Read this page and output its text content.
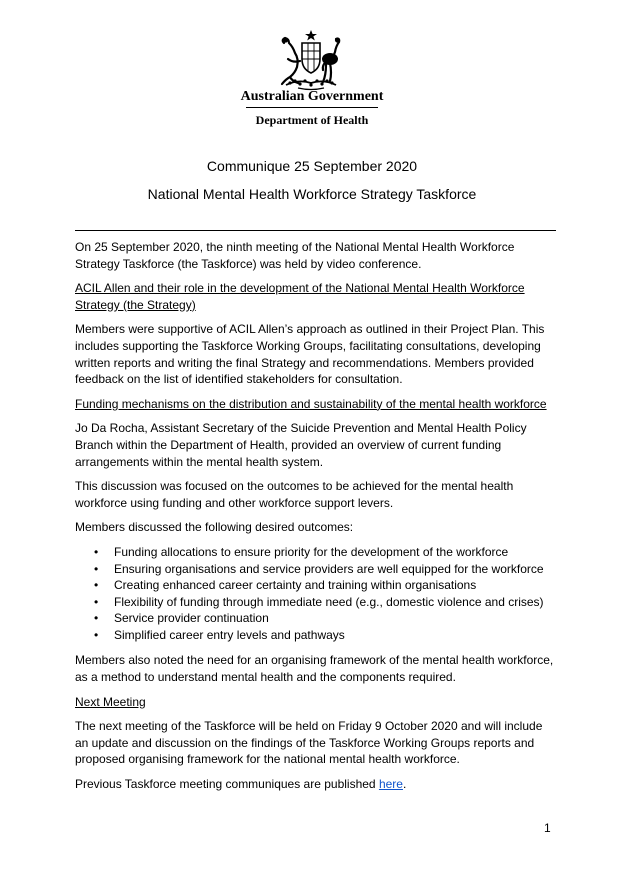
Australian Government
Department of Health
Communique 25 September 2020
National Mental Health Workforce Strategy Taskforce

On 25 September 2020, the ninth meeting of the National Mental Health Workforce Strategy Taskforce (the Taskforce) was held by video conference.

ACIL Allen and their role in the development of the National Mental Health Workforce Strategy (the Strategy)

Members were supportive of ACIL Allen’s approach as outlined in their Project Plan. This includes supporting the Taskforce Working Groups, facilitating consultations, developing written reports and writing the final Strategy and recommendations. Members provided feedback on the list of identified stakeholders for consultation.

Funding mechanisms on the distribution and sustainability of the mental health workforce

Jo Da Rocha, Assistant Secretary of the Suicide Prevention and Mental Health Policy Branch within the Department of Health, provided an overview of current funding arrangements within the mental health system.

This discussion was focused on the outcomes to be achieved for the mental health workforce using funding and other workforce support levers.

Members discussed the following desired outcomes:

• Funding allocations to ensure priority for the development of the workforce
• Ensuring organisations and service providers are well equipped for the workforce
• Creating enhanced career certainty and training within organisations
• Flexibility of funding through immediate need (e.g., domestic violence and crises)
• Service provider continuation
• Simplified career entry levels and pathways

Members also noted the need for an organising framework of the mental health workforce, as a method to understand mental health and the components required.

Next Meeting

The next meeting of the Taskforce will be held on Friday 9 October 2020 and will include an update and discussion on the findings of the Taskforce Working Groups reports and proposed organising framework for the national mental health workforce.

Previous Taskforce meeting communiques are published here.

1
